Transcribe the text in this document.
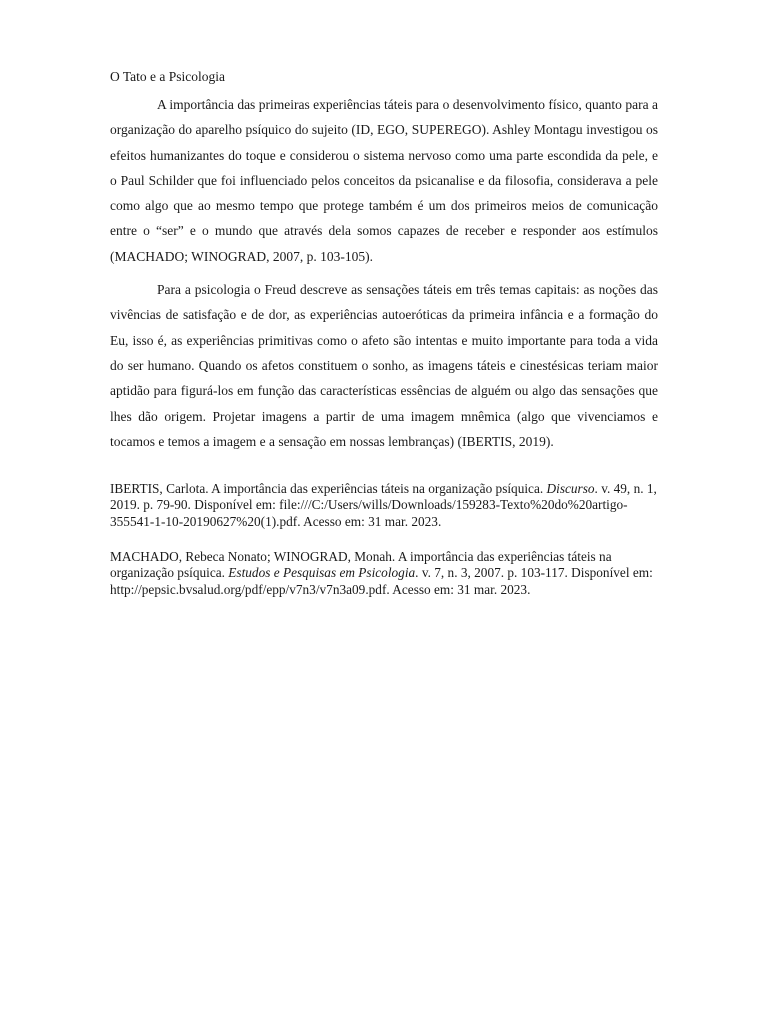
O Tato e a Psicologia

A importância das primeiras experiências táteis para o desenvolvimento físico, quanto para a organização do aparelho psíquico do sujeito (ID, EGO, SUPEREGO). Ashley Montagu investigou os efeitos humanizantes do toque e considerou o sistema nervoso como uma parte escondida da pele, e o Paul Schilder que foi influenciado pelos conceitos da psicanalise e da filosofia, considerava a pele como algo que ao mesmo tempo que protege também é um dos primeiros meios de comunicação entre o “ser” e o mundo que através dela somos capazes de receber e responder aos estímulos (MACHADO; WINOGRAD, 2007, p. 103-105).

Para a psicologia o Freud descreve as sensações táteis em três temas capitais: as noções das vivências de satisfação e de dor, as experiências autoeróticas da primeira infância e a formação do Eu, isso é, as experiências primitivas como o afeto são intentas e muito importante para toda a vida do ser humano. Quando os afetos constituem o sonho, as imagens táteis e cinestésicas teriam maior aptidão para figurá-los em função das características essências de alguém ou algo das sensações que lhes dão origem. Projetar imagens a partir de uma imagem mnêmica (algo que vivenciamos e tocamos e temos a imagem e a sensação em nossas lembranças) (IBERTIS, 2019).

IBERTIS, Carlota. A importância das experiências táteis na organização psíquica. Discurso. v. 49, n. 1, 2019. p. 79-90. Disponível em: file:///C:/Users/wills/Downloads/159283-Texto%20do%20artigo-355541-1-10-20190627%20(1).pdf. Acesso em: 31 mar. 2023.

MACHADO, Rebeca Nonato; WINOGRAD, Monah. A importância das experiências táteis na organização psíquica. Estudos e Pesquisas em Psicologia. v. 7, n. 3, 2007. p. 103-117. Disponível em: http://pepsic.bvsalud.org/pdf/epp/v7n3/v7n3a09.pdf. Acesso em: 31 mar. 2023.
